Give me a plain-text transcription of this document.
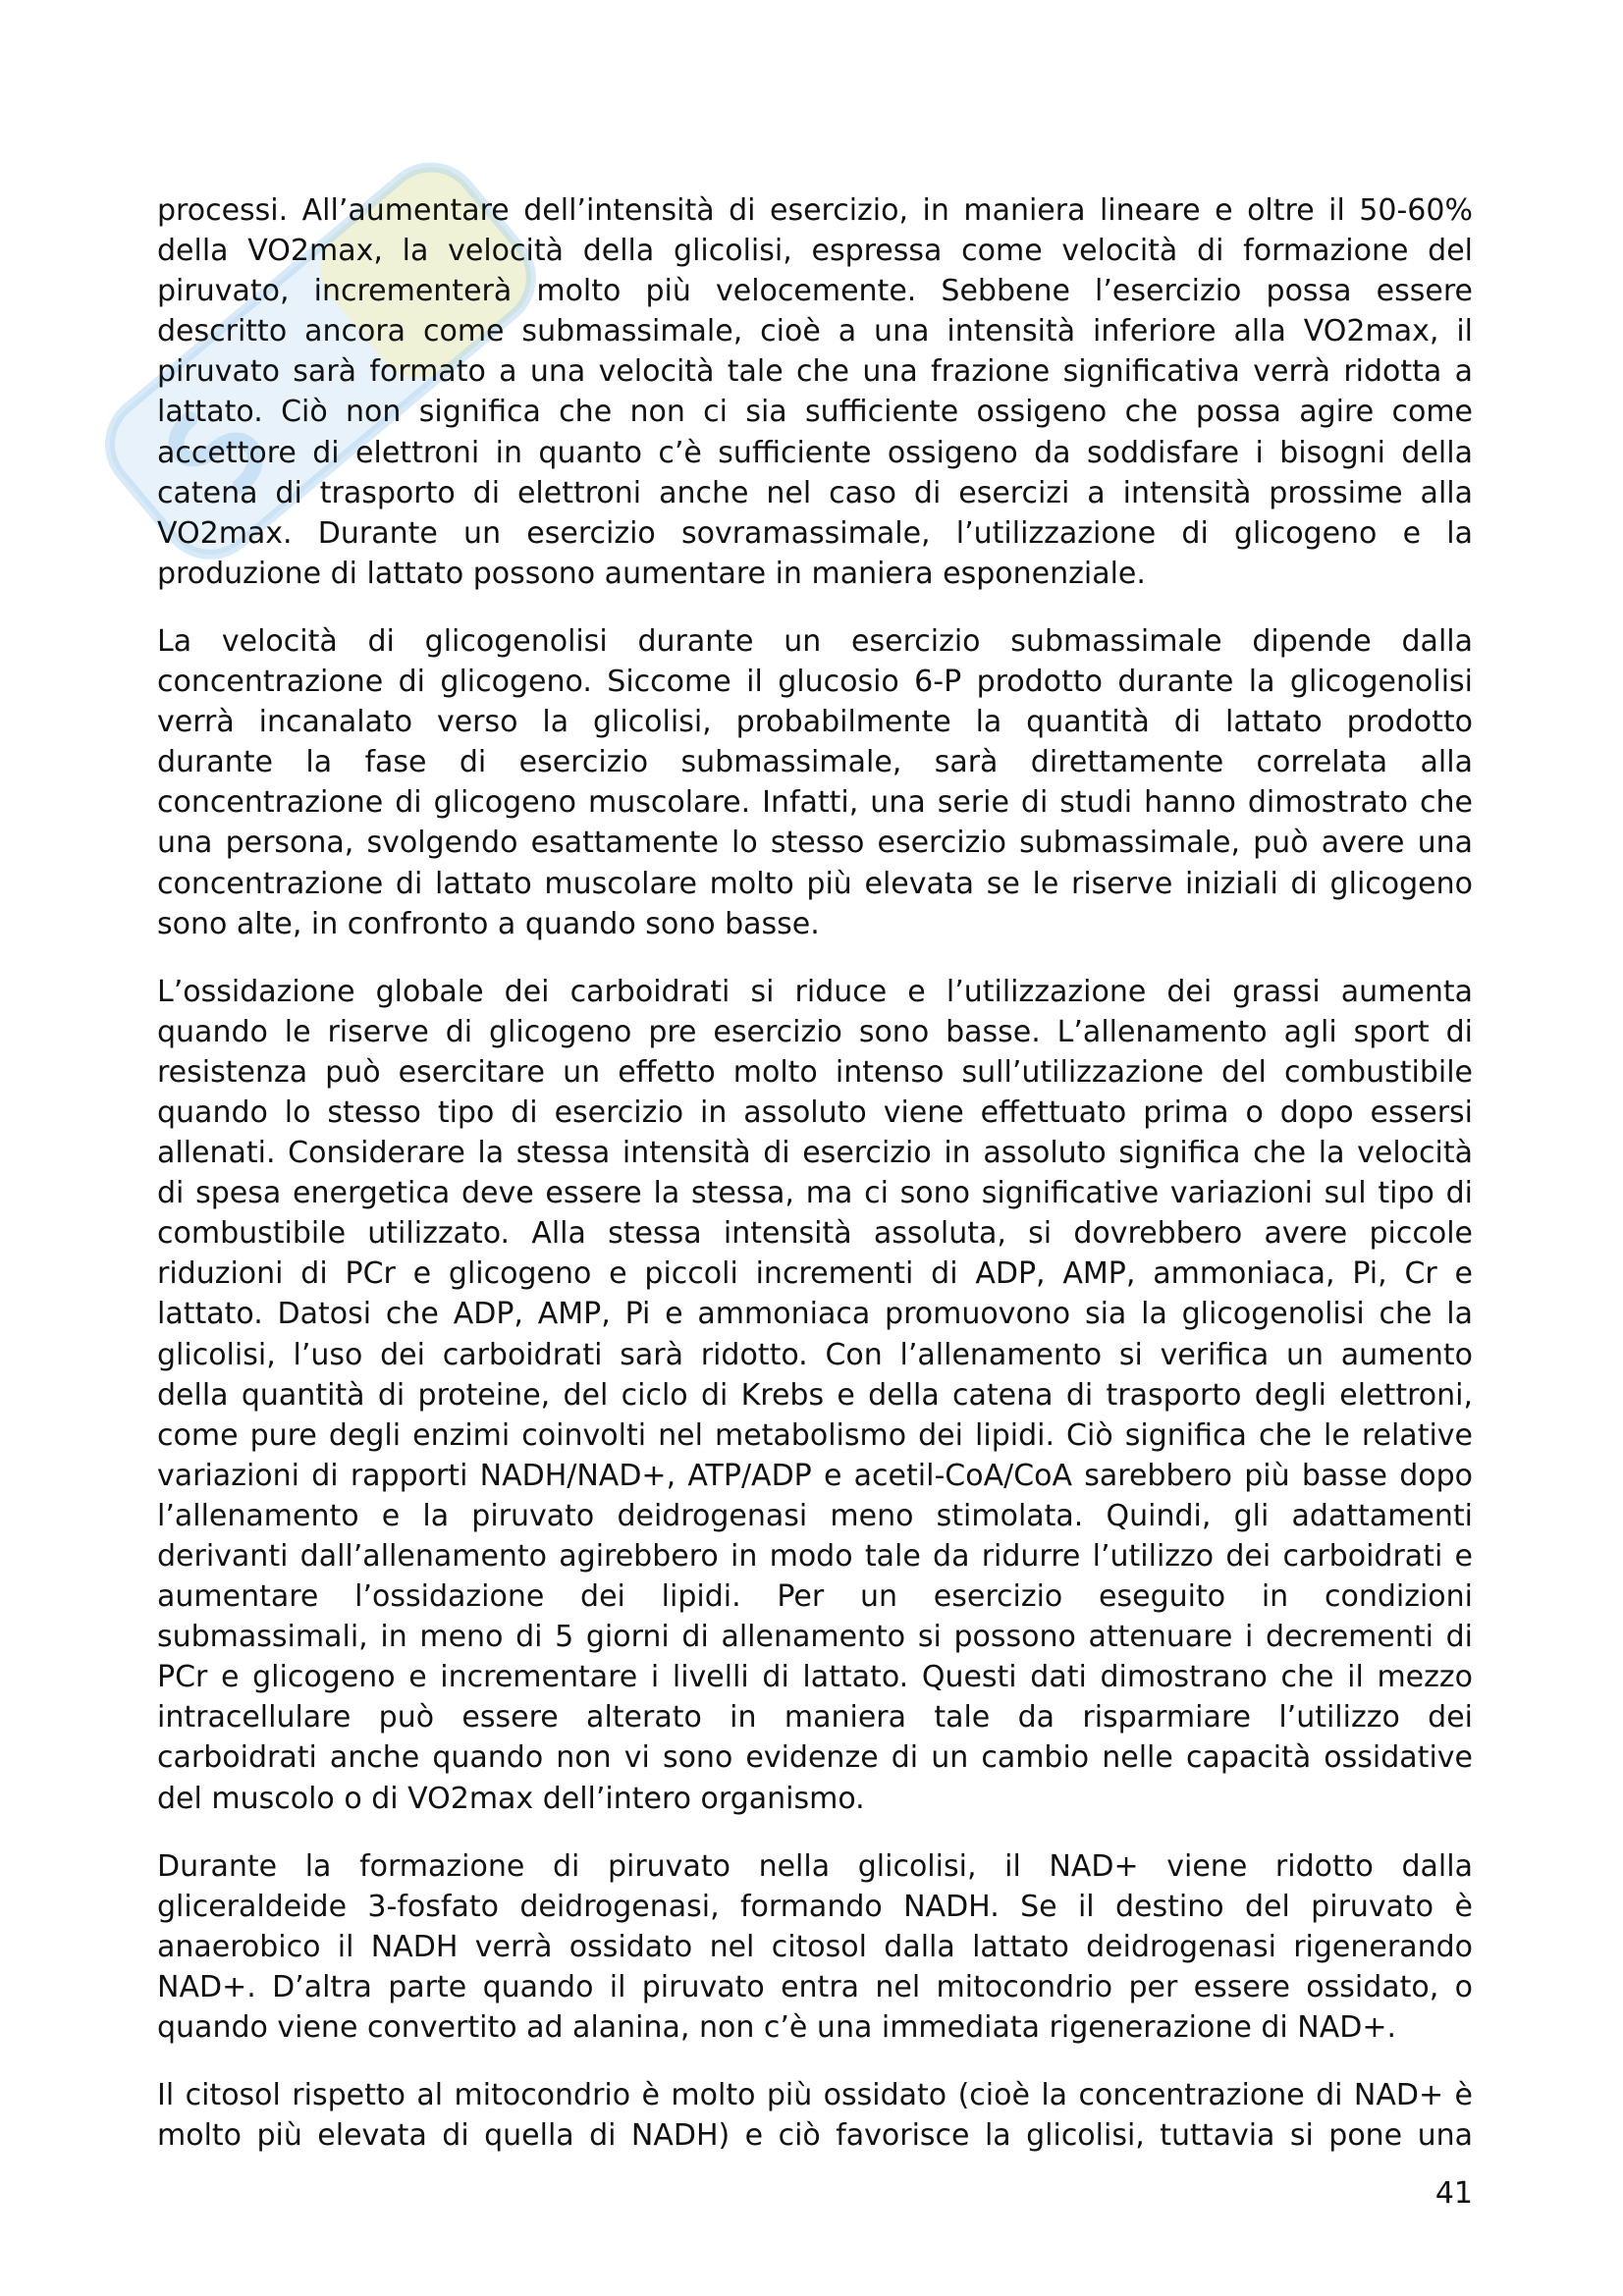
processi. All’aumentare dell’intensità di esercizio, in maniera lineare e oltre il 50-60%
della VO2max, la velocità della glicolisi, espressa come velocità di formazione del
piruvato, incrementerà molto più velocemente. Sebbene l’esercizio possa essere
descritto ancora come submassimale, cioè a una intensità inferiore alla VO2max, il
piruvato sarà formato a una velocità tale che una frazione significativa verrà ridotta a
lattato. Ciò non significa che non ci sia sufficiente ossigeno che possa agire come
accettore di elettroni in quanto c’è sufficiente ossigeno da soddisfare i bisogni della
catena di trasporto di elettroni anche nel caso di esercizi a intensità prossime alla
VO2max. Durante un esercizio sovramassimale, l’utilizzazione di glicogeno e la
produzione di lattato possono aumentare in maniera esponenziale.
La velocità di glicogenolisi durante un esercizio submassimale dipende dalla
concentrazione di glicogeno. Siccome il glucosio 6-P prodotto durante la glicogenolisi
verrà incanalato verso la glicolisi, probabilmente la quantità di lattato prodotto
durante la fase di esercizio submassimale, sarà direttamente correlata alla
concentrazione di glicogeno muscolare. Infatti, una serie di studi hanno dimostrato che
una persona, svolgendo esattamente lo stesso esercizio submassimale, può avere una
concentrazione di lattato muscolare molto più elevata se le riserve iniziali di glicogeno
sono alte, in confronto a quando sono basse.
L’ossidazione globale dei carboidrati si riduce e l’utilizzazione dei grassi aumenta
quando le riserve di glicogeno pre esercizio sono basse. L’allenamento agli sport di
resistenza può esercitare un effetto molto intenso sull’utilizzazione del combustibile
quando lo stesso tipo di esercizio in assoluto viene effettuato prima o dopo essersi
allenati. Considerare la stessa intensità di esercizio in assoluto significa che la velocità
di spesa energetica deve essere la stessa, ma ci sono significative variazioni sul tipo di
combustibile utilizzato. Alla stessa intensità assoluta, si dovrebbero avere piccole
riduzioni di PCr e glicogeno e piccoli incrementi di ADP, AMP, ammoniaca, Pi, Cr e
lattato. Datosi che ADP, AMP, Pi e ammoniaca promuovono sia la glicogenolisi che la
glicolisi, l’uso dei carboidrati sarà ridotto. Con l’allenamento si verifica un aumento
della quantità di proteine, del ciclo di Krebs e della catena di trasporto degli elettroni,
come pure degli enzimi coinvolti nel metabolismo dei lipidi. Ciò significa che le relative
variazioni di rapporti NADH/NAD+, ATP/ADP e acetil-CoA/CoA sarebbero più basse dopo
l’allenamento e la piruvato deidrogenasi meno stimolata. Quindi, gli adattamenti
derivanti dall’allenamento agirebbero in modo tale da ridurre l’utilizzo dei carboidrati e
aumentare l’ossidazione dei lipidi. Per un esercizio eseguito in condizioni
submassimali, in meno di 5 giorni di allenamento si possono attenuare i decrementi di
PCr e glicogeno e incrementare i livelli di lattato. Questi dati dimostrano che il mezzo
intracellulare può essere alterato in maniera tale da risparmiare l’utilizzo dei
carboidrati anche quando non vi sono evidenze di un cambio nelle capacità ossidative
del muscolo o di VO2max dell’intero organismo.
Durante la formazione di piruvato nella glicolisi, il NAD+ viene ridotto dalla
gliceraldeide 3-fosfato deidrogenasi, formando NADH. Se il destino del piruvato è
anaerobico il NADH verrà ossidato nel citosol dalla lattato deidrogenasi rigenerando
NAD+. D’altra parte quando il piruvato entra nel mitocondrio per essere ossidato, o
quando viene convertito ad alanina, non c’è una immediata rigenerazione di NAD+.
Il citosol rispetto al mitocondrio è molto più ossidato (cioè la concentrazione di NAD+ è
molto più elevata di quella di NADH) e ciò favorisce la glicolisi, tuttavia si pone una
41
